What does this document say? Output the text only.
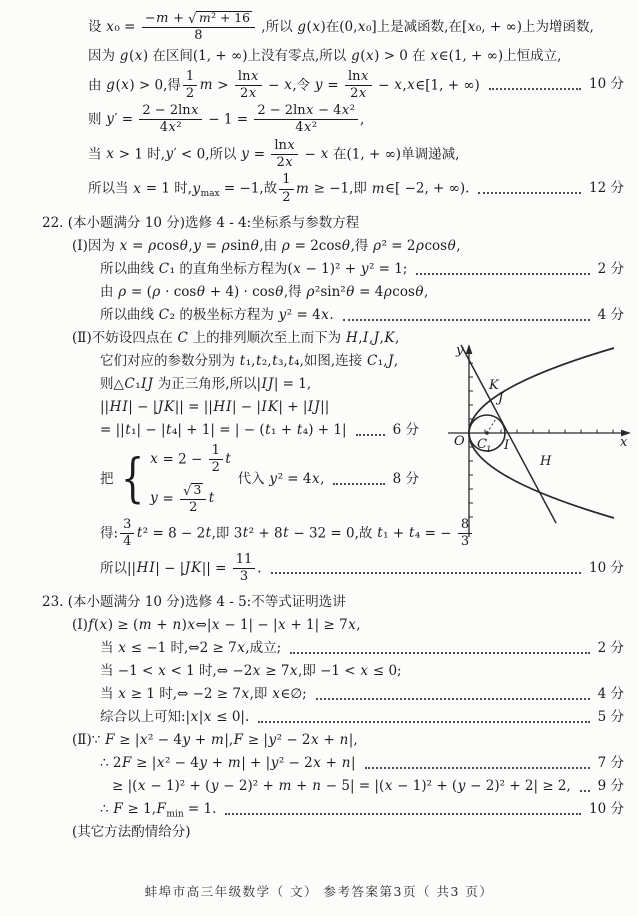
设 $x_0 = \frac{\text{−m + √ m² + 16}}{8}$ ,所以 g(x)在(0,x₀]上是减函数,在[x₀, + ∞)上为增函数,
因为 g(x) 在区间(1, + ∞)上没有零点,所以 g(x) > 0 在 x∈(1, + ∞)上恒成立,
由 g(x) > 0,得 $\frac{1}{2}$ $m > \frac{\ln x}{2x} - x$,令 $y = \frac{\ln x}{2x}$ − x,x∈[1, + ∞)	10 分
则 $y' = \frac{2 - 2\ln x}{\text{4x²}} - 1 = \frac{\text{2 − 2lnx − 4x²}}{\text{4x²}}$ ,
当 x > 1 时,y′ < 0,所以 $y = \frac{\ln x}{2x} - x$ 在(1, + ∞)单调递减,
所以当 x = 1 时$,y_{max} = -1$,故 $\frac{1}{2}$ m ≥ −1,即 m∈[ −2, + ∞).	12 分
22. (本小题满分 10 分)选修 4 - 4:坐标系与参数方程
(Ⅰ)因为 x = ρcosθ,y = ρsinθ,由 ρ = 2cosθ,得 ρ² = 2ρcosθ,
所以曲线 C₁ 的直角坐标方程为(x − 1)² + y² = 1;	2 分
由 ρ = (ρ · cosθ + 4) · cosθ,得 ρ²sin²θ = 4ρcosθ,
所以曲线 C₂ 的极坐标方程为 y² = 4x.	4 分
(Ⅱ)不妨设四点在 C 上的排列顺次至上而下为 H,I,J,K,
它们对应的参数分别为 t₁,t₂,t₃,t₄,如图,连接 C₁,J,
则△C₁IJ 为正三角形,所以|IJ| = 1,
||HI| − |JK|| = ||HI| − |IK| + |IJ||
= ||t₁| − |t₄| + 1| = | − (t₁ + t₄) + 1|	6 分
把 { $x = 2 - \frac{1}{2}$ t
$y = \frac{√ 3}{2}$ t
代入 y² = 4x,	8 分
得: $\frac{3}{4} t^2 = 8 - 2t$,即 3t² + 8t − 32 = 0,故 t₁ + t₄ = − $\frac{8}{3}$
所以$||HI| - |JK|| = \frac{11}{3}$ .	10 分
23. (本小题满分 10 分)选修 4 - 5:不等式证明选讲
(Ⅰ)f(x) ≥ (m + n)x⇔|x − 1| − |x + 1| ≥ 7x,
当 x ≤ −1 时,⇔2 ≥ 7x,成立;	2 分
当 −1 < x < 1 时,⇔ −2x ≥ 7x,即 −1 < x ≤ 0;
当 x ≥ 1 时,⇔ −2 ≥ 7x,即 x∈∅;	4 分
综合以上可知:|x|x ≤ 0|.	5 分
(Ⅱ)∵ F ≥ |x² − 4y + m|,F ≥ |y² − 2x + n|,
∴ 2F ≥ |x² − 4y + m| + |y² − 2x + n|	7 分
≥ |(x − 1)² + (y − 2)² + m + n − 5| = |(x − 1)² + (y − 2)² + 2| ≥ 2, 9 分
∴ $F \ge 1,F_{min} = 1$.	10 分
(其它方法酌情给分)
y
x
O C 1
K
J
I
H
蚌埠市高三年级数学（ 文） 参考答案第3页（ 共3 页）
